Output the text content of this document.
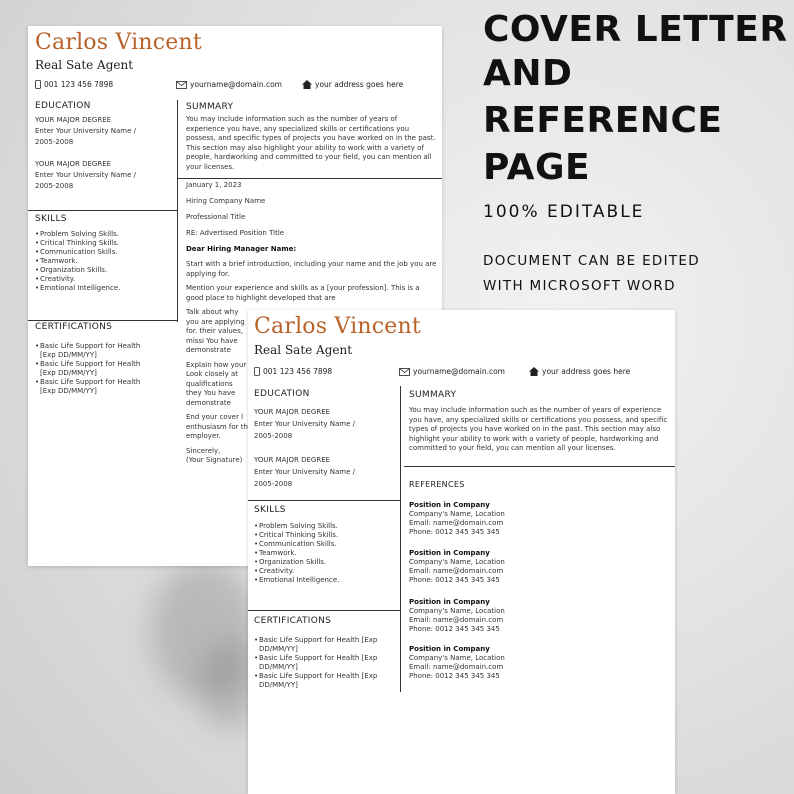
Carlos Vincent
Real Sate Agent
001 123 456 7898	yourname@domain.com	your address goes here
EDUCATION

YOUR MAJOR DEGREE

Enter Your University Name /

2005-2008

YOUR MAJOR DEGREE

Enter Your University Name /

2005-2008

SKILLS
• Problem Solving Skills.
• Critical Thinking Skills.
• Communication Skills.
• Teamwork.
• Organization Skills.
• Creativity.
• Emotional Intelligence.
CERTIFICATIONS
• Basic Life Support for Health [Exp DD/MM/YY]
• Basic Life Support for Health [Exp DD/MM/YY]
• Basic Life Support for Health [Exp DD/MM/YY]
SUMMARY
You may include information such as the number of years of experience you have, any specialized skills or certifications you possess, and specific types of projects you have worked on in the past. This section may also highlight your ability to work with a variety of people, hardworking and committed to your field, you can mention all your licenses.

January 1, 2023

Hiring Company Name

Professional Title

RE: Advertised Position Title

Dear Hiring Manager Name:

Start with a brief introduction, including your name and the job you are applying for.

Mention your experience and skills as a [your profession]. This is a good place to highlight developed that are

Talk about why you are applying for. their values, missi You have demonstrate

Explain how your Look closely at qualifications they You have demonstrate

End your cover l enthusiasm for th employer.

Sincerely,

(Your Signature)

Carlos Vincent
Real Sate Agent
001 123 456 7898	yourname@domain.com	your address goes here
EDUCATION

YOUR MAJOR DEGREE

Enter Your University Name /

2005-2008

YOUR MAJOR DEGREE

Enter Your University Name /

2005-2008

SKILLS
• Problem Solving Skills.
• Critical Thinking Skills.
• Communication Skills.
• Teamwork.
• Organization Skills.
• Creativity.
• Emotional Intelligence.
CERTIFICATIONS
• Basic Life Support for Health [Exp DD/MM/YY]
• Basic Life Support for Health [Exp DD/MM/YY]
• Basic Life Support for Health [Exp DD/MM/YY]
SUMMARY
You may include information such as the number of years of experience you have, any specialized skills or certifications you possess, and specific types of projects you have worked on in the past. This section may also highlight your ability to work with a variety of people, hardworking and committed to your field, you can mention all your licenses.
REFERENCES
Position in Company
Company's Name, Location
Email: name@domain.com
Phone: 0012 345 345 345
Position in Company
Company's Name, Location
Email: name@domain.com
Phone: 0012 345 345 345
Position in Company
Company's Name, Location
Email: name@domain.com
Phone: 0012 345 345 345
Position in Company
Company's Name, Location
Email: name@domain.com
Phone: 0012 345 345 345
COVER LETTER
AND
REFERENCE
PAGE
100% EDITABLE
DOCUMENT CAN BE EDITED
WITH MICROSOFT WORD
